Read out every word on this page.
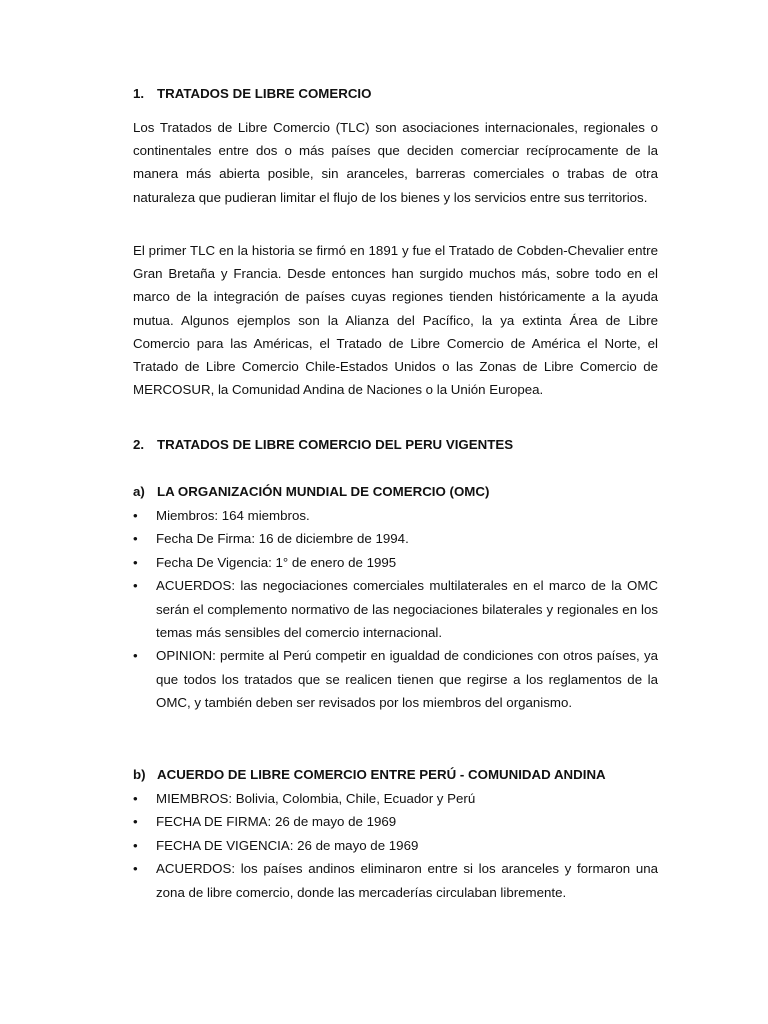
1. TRATADOS DE LIBRE COMERCIO

Los Tratados de Libre Comercio (TLC) son asociaciones internacionales, regionales o continentales entre dos o más países que deciden comerciar recíprocamente de la manera más abierta posible, sin aranceles, barreras comerciales o trabas de otra naturaleza que pudieran limitar el flujo de los bienes y los servicios entre sus territorios.

El primer TLC en la historia se firmó en 1891 y fue el Tratado de Cobden-Chevalier entre Gran Bretaña y Francia. Desde entonces han surgido muchos más, sobre todo en el marco de la integración de países cuyas regiones tienden históricamente a la ayuda mutua. Algunos ejemplos son la Alianza del Pacífico, la ya extinta Área de Libre Comercio para las Américas, el Tratado de Libre Comercio de América el Norte, el Tratado de Libre Comercio Chile-Estados Unidos o las Zonas de Libre Comercio de MERCOSUR, la Comunidad Andina de Naciones o la Unión Europea.

2. TRATADOS DE LIBRE COMERCIO DEL PERU VIGENTES
a) LA ORGANIZACIÓN MUNDIAL DE COMERCIO (OMC)
• Miembros: 164 miembros.
• Fecha De Firma: 16 de diciembre de 1994.
• Fecha De Vigencia: 1° de enero de 1995
• ACUERDOS: las negociaciones comerciales multilaterales en el marco de la OMC serán el complemento normativo de las negociaciones bilaterales y regionales en los temas más sensibles del comercio internacional.
• OPINION: permite al Perú competir en igualdad de condiciones con otros países, ya que todos los tratados que se realicen tienen que regirse a los reglamentos de la OMC, y también deben ser revisados por los miembros del organismo.
b) ACUERDO DE LIBRE COMERCIO ENTRE PERÚ - COMUNIDAD ANDINA
• MIEMBROS: Bolivia, Colombia, Chile, Ecuador y Perú
• FECHA DE FIRMA: 26 de mayo de 1969
• FECHA DE VIGENCIA: 26 de mayo de 1969
• ACUERDOS: los países andinos eliminaron entre si los aranceles y formaron una zona de libre comercio, donde las mercaderías circulaban libremente.
